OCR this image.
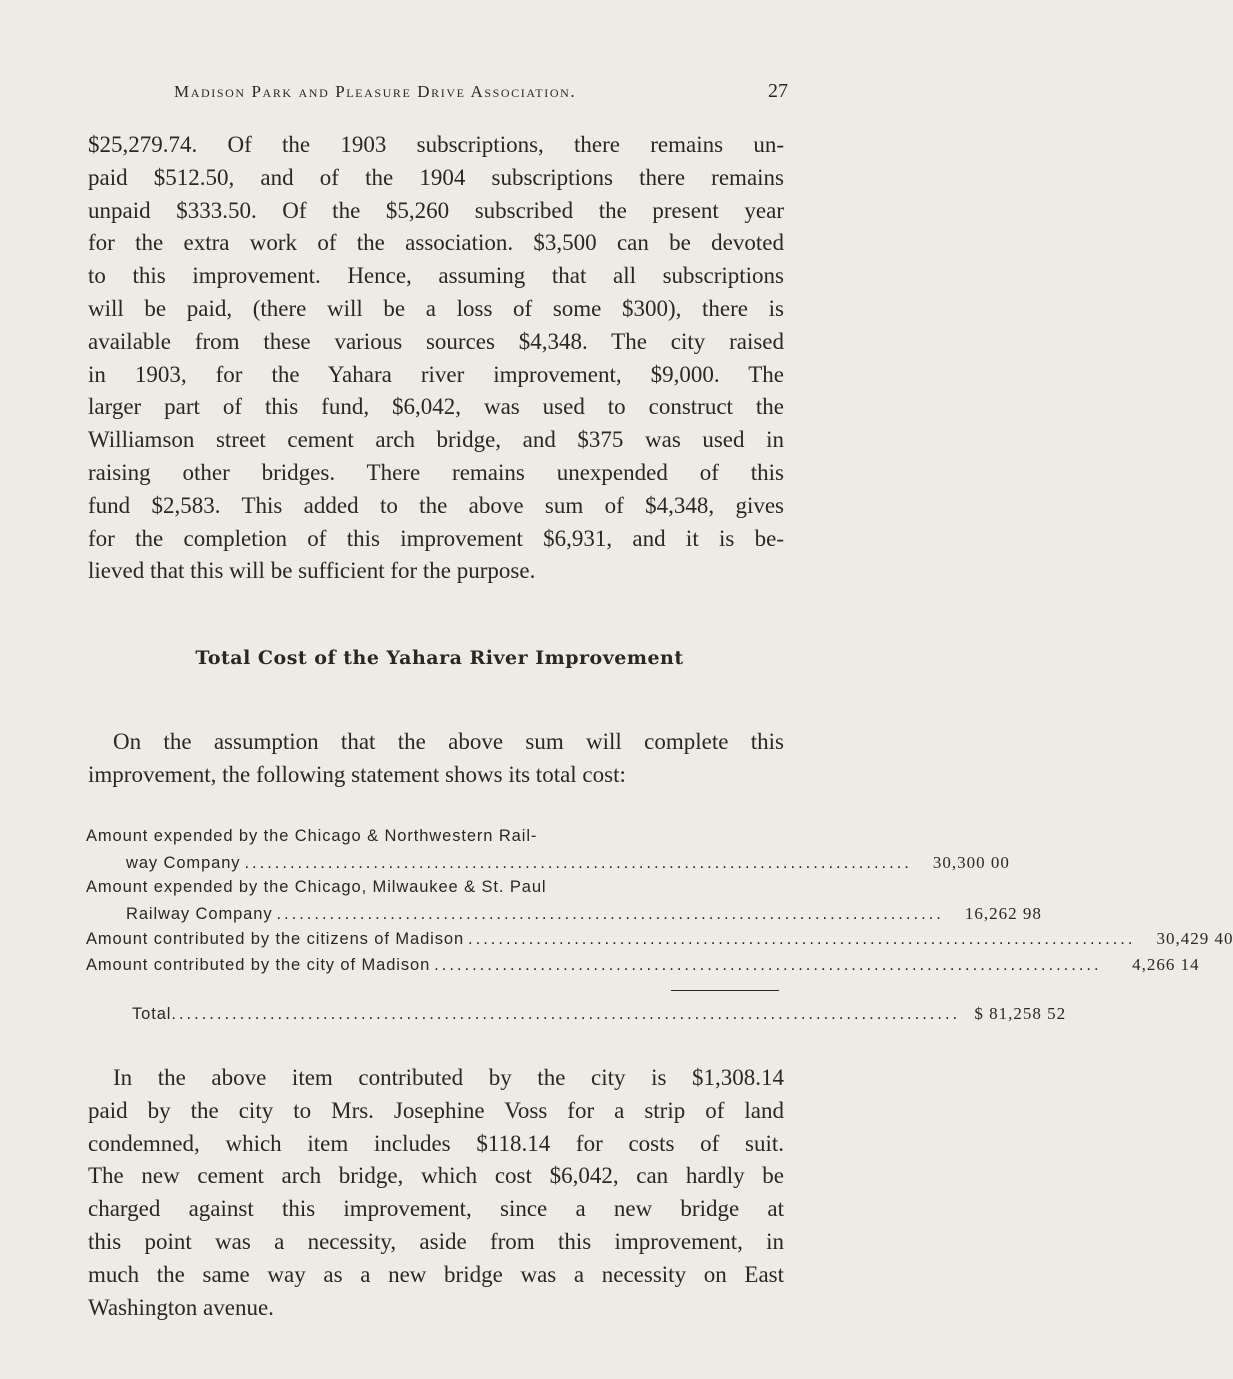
Madison Park and Pleasure Drive Association.	27
$25,279.74. Of the 1903 subscriptions, there remains un-
paid $512.50, and of the 1904 subscriptions there remains
unpaid $333.50. Of the $5,260 subscribed the present year
for the extra work of the association. $3,500 can be devoted
to this improvement. Hence, assuming that all subscriptions
will be paid, (there will be a loss of some $300), there is
available from these various sources $4,348. The city raised
in 1903, for the Yahara river improvement, $9,000. The
larger part of this fund, $6,042, was used to construct the
Williamson street cement arch bridge, and $375 was used in
raising other bridges. There remains unexpended of this
fund $2,583. This added to the above sum of $4,348, gives
for the completion of this improvement $6,931, and it is be-
lieved that this will be sufficient for the purpose.
Total Cost of the Yahara River Improvement
On the assumption that the above sum will complete this
improvement, the following statement shows its total cost:
Amount expended by the Chicago & Northwestern Rail-
way Company ........................................................................................	30,300 00
Amount expended by the Chicago, Milwaukee & St. Paul
Railway Company ........................................................................................	16,262 98
Amount contributed by the citizens of Madison ........................................................................................	30,429 40
Amount contributed by the city of Madison ........................................................................................	4,266 14
Total ........................................................................................................ $ 81,258 52
In the above item contributed by the city is $1,308.14
paid by the city to Mrs. Josephine Voss for a strip of land
condemned, which item includes $118.14 for costs of suit.
The new cement arch bridge, which cost $6,042, can hardly be
charged against this improvement, since a new bridge at
this point was a necessity, aside from this improvement, in
much the same way as a new bridge was a necessity on East
Washington avenue.
